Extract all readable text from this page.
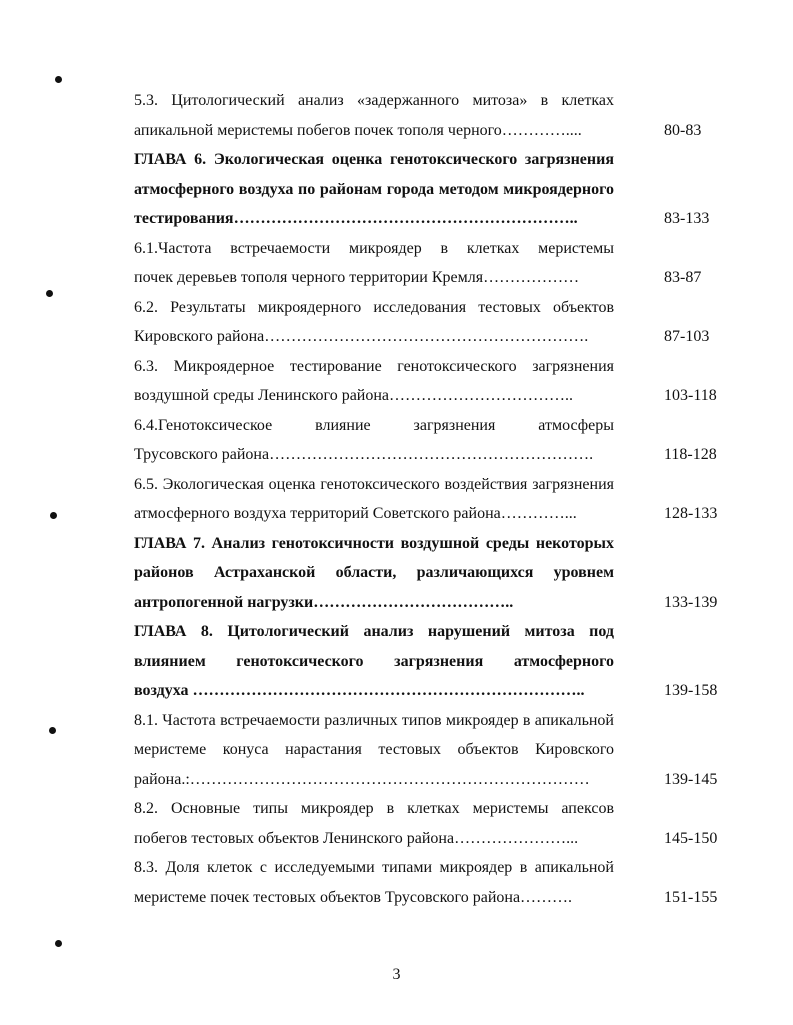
5.3. Цитологический анализ «задержанного митоза» в клетках
апикальной меристемы побегов почек тополя черного…………....	80-83
ГЛАВА 6. Экологическая оценка генотоксического загрязнения
атмосферного воздуха по районам города методом микроядерного
тестирования………………………………………………………..	83-133
6.1.Частота встречаемости микроядер в клетках меристемы
почек деревьев тополя черного территории Кремля………………	83-87
6.2. Результаты микроядерного исследования тестовых объектов
Кировского района…………………………………………………….	87-103
6.3. Микроядерное тестирование генотоксического загрязнения
воздушной среды Ленинского района……………………………..	103-118
6.4.Генотоксическое влияние загрязнения атмосферы
Трусовского района…………………………………………………….	118-128
6.5. Экологическая оценка генотоксического воздействия загрязнения
атмосферного воздуха территорий Советского района…………...	128-133
ГЛАВА 7. Анализ генотоксичности воздушной среды некоторых
районов Астраханской области, различающихся уровнем
антропогенной нагрузки………………………………..	133-139
ГЛАВА 8. Цитологический анализ нарушений митоза под
влиянием генотоксического загрязнения атмосферного
воздуха ………………………………………………………………..	139-158
8.1. Частота встречаемости различных типов микроядер в апикальной
меристеме конуса нарастания тестовых объектов Кировского
района.:…………………………………………………………………	139-145
8.2. Основные типы микроядер в клетках меристемы апексов
побегов тестовых объектов Ленинского района…………………...	145-150
8.3. Доля клеток с исследуемыми типами микроядер в апикальной
меристеме почек тестовых объектов Трусовского района……….	151-155
3
